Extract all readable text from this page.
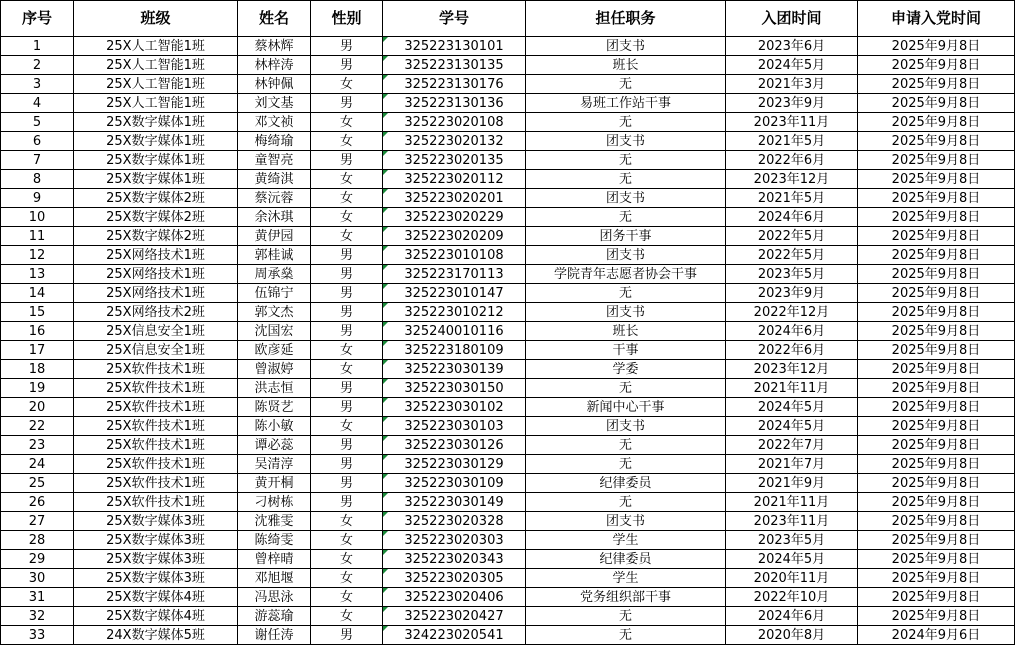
序号	班级	姓名	性别	学号	担任职务	入团时间	申请入党时间
1	25X人工智能1班	蔡林辉	男	325223130101	团支书	2023年6月	2025年9月8日
2	25X人工智能1班	林梓涛	男	325223130135	班长	2024年5月	2025年9月8日
3	25X人工智能1班	林钟佩	女	325223130176	无	2021年3月	2025年9月8日
4	25X人工智能1班	刘文基	男	325223130136	易班工作站干事	2023年9月	2025年9月8日
5	25X数字媒体1班	邓文祯	女	325223020108	无	2023年11月	2025年9月8日
6	25X数字媒体1班	梅绮瑜	女	325223020132	团支书	2021年5月	2025年9月8日
7	25X数字媒体1班	童智亮	男	325223020135	无	2022年6月	2025年9月8日
8	25X数字媒体1班	黄绮淇	女	325223020112	无	2023年12月	2025年9月8日
9	25X数字媒体2班	蔡沅蓉	女	325223020201	团支书	2021年5月	2025年9月8日
10	25X数字媒体2班	余沐琪	女	325223020229	无	2024年6月	2025年9月8日
11	25X数字媒体2班	黄伊园	女	325223020209	团务干事	2022年5月	2025年9月8日
12	25X网络技术1班	郭桂诚	男	325223010108	团支书	2022年5月	2025年9月8日
13	25X网络技术1班	周承燊	男	325223170113	学院青年志愿者协会干事	2023年5月	2025年9月8日
14	25X网络技术1班	伍锦宁	男	325223010147	无	2023年9月	2025年9月8日
15	25X网络技术2班	郭文杰	男	325223010212	团支书	2022年12月	2025年9月8日
16	25X信息安全1班	沈国宏	男	325240010116	班长	2024年6月	2025年9月8日
17	25X信息安全1班	欧彦延	女	325223180109	干事	2022年6月	2025年9月8日
18	25X软件技术1班	曾淑婷	女	325223030139	学委	2023年12月	2025年9月8日
19	25X软件技术1班	洪志恒	男	325223030150	无	2021年11月	2025年9月8日
20	25X软件技术1班	陈贤艺	男	325223030102	新闻中心干事	2024年5月	2025年9月8日
22	25X软件技术1班	陈小敏	女	325223030103	团支书	2024年5月	2025年9月8日
23	25X软件技术1班	谭必蕊	男	325223030126	无	2022年7月	2025年9月8日
24	25X软件技术1班	吴清淳	男	325223030129	无	2021年7月	2025年9月8日
25	25X软件技术1班	黄开桐	男	325223030109	纪律委员	2021年9月	2025年9月8日
26	25X软件技术1班	刁树栋	男	325223030149	无	2021年11月	2025年9月8日
27	25X数字媒体3班	沈雅雯	女	325223020328	团支书	2023年11月	2025年9月8日
28	25X数字媒体3班	陈绮雯	女	325223020303	学生	2023年5月	2025年9月8日
29	25X数字媒体3班	曾梓晴	女	325223020343	纪律委员	2024年5月	2025年9月8日
30	25X数字媒体3班	邓旭堰	女	325223020305	学生	2020年11月	2025年9月8日
31	25X数字媒体4班	冯思泳	女	325223020406	党务组织部干事	2022年10月	2025年9月8日
32	25X数字媒体4班	游蕊瑜	女	325223020427	无	2024年6月	2025年9月8日
33	24X数字媒体5班	谢任涛	男	324223020541	无	2020年8月	2024年9月6日
